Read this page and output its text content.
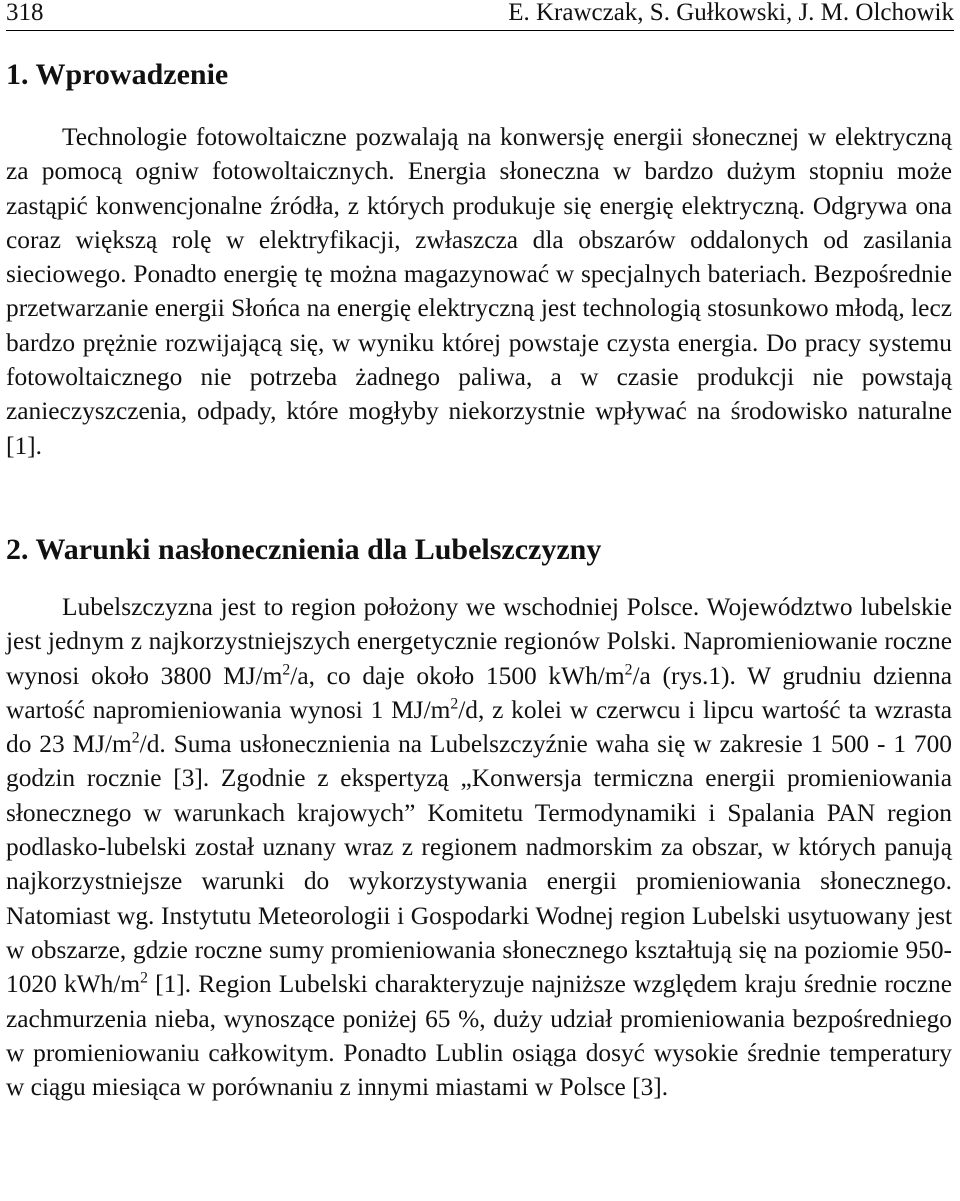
318	E. Krawczak, S. Gułkowski, J. M. Olchowik
1. Wprowadzenie

Technologie fotowoltaiczne pozwalają na konwersję energii słonecznej w elektryczną za pomocą ogniw fotowoltaicznych. Energia słoneczna w bardzo dużym stopniu może zastąpić konwencjonalne źródła, z których produkuje się energię elektryczną. Odgrywa ona coraz większą rolę w elektryfikacji, zwłaszcza dla obszarów oddalonych od zasilania sieciowego. Ponadto energię tę można magazynować w specjalnych bateriach. Bezpośrednie przetwarzanie energii Słońca na energię elektryczną jest technologią stosunkowo młodą, lecz bardzo prężnie rozwijającą się, w wyniku której powstaje czysta energia. Do pracy systemu fotowoltaicznego nie potrzeba żadnego paliwa, a w czasie produkcji nie powstają zanieczyszczenia, odpady, które mogłyby niekorzystnie wpływać na środowisko naturalne [1].

2. Warunki nasłonecznienia dla Lubelszczyzny

Lubelszczyzna jest to region położony we wschodniej Polsce. Województwo lubelskie jest jednym z najkorzystniejszych energetycznie regionów Polski. Napromieniowanie roczne wynosi około 3800 $MJ/m^2/a$, co daje około 1500 kWh/$m^2/a$ (rys.1). W grudniu dzienna wartość napromieniowania wynosi 1 $MJ/m^2/d$, z kolei w czerwcu i lipcu wartość ta wzrasta do 23 $MJ/m^2/d$. Suma usłonecznienia na Lubelszczyźnie waha się w zakresie 1 500 - 1 700 godzin rocznie [3]. Zgodnie z ekspertyzą „Konwersja termiczna energii promieniowania słonecznego w warunkach krajowych” Komitetu Termodynamiki i Spalania PAN region podlasko-lubelski został uznany wraz z regionem nadmorskim za obszar, w których panują najkorzystniejsze warunki do wykorzystywania energii promieniowania słonecznego. Natomiast wg. Instytutu Meteorologii i Gospodarki Wodnej region Lubelski usytuowany jest w obszarze, gdzie roczne sumy promieniowania słonecznego kształtują się na poziomie 950-1020 kWh/$m^2$ [1]. Region Lubelski charakteryzuje najniższe względem kraju średnie roczne zachmurzenia nieba, wynoszące poniżej 65 %, duży udział promieniowania bezpośredniego w promieniowaniu całkowitym. Ponadto Lublin osiąga dosyć wysokie średnie temperatury w ciągu miesiąca w porównaniu z innymi miastami w Polsce [3].
